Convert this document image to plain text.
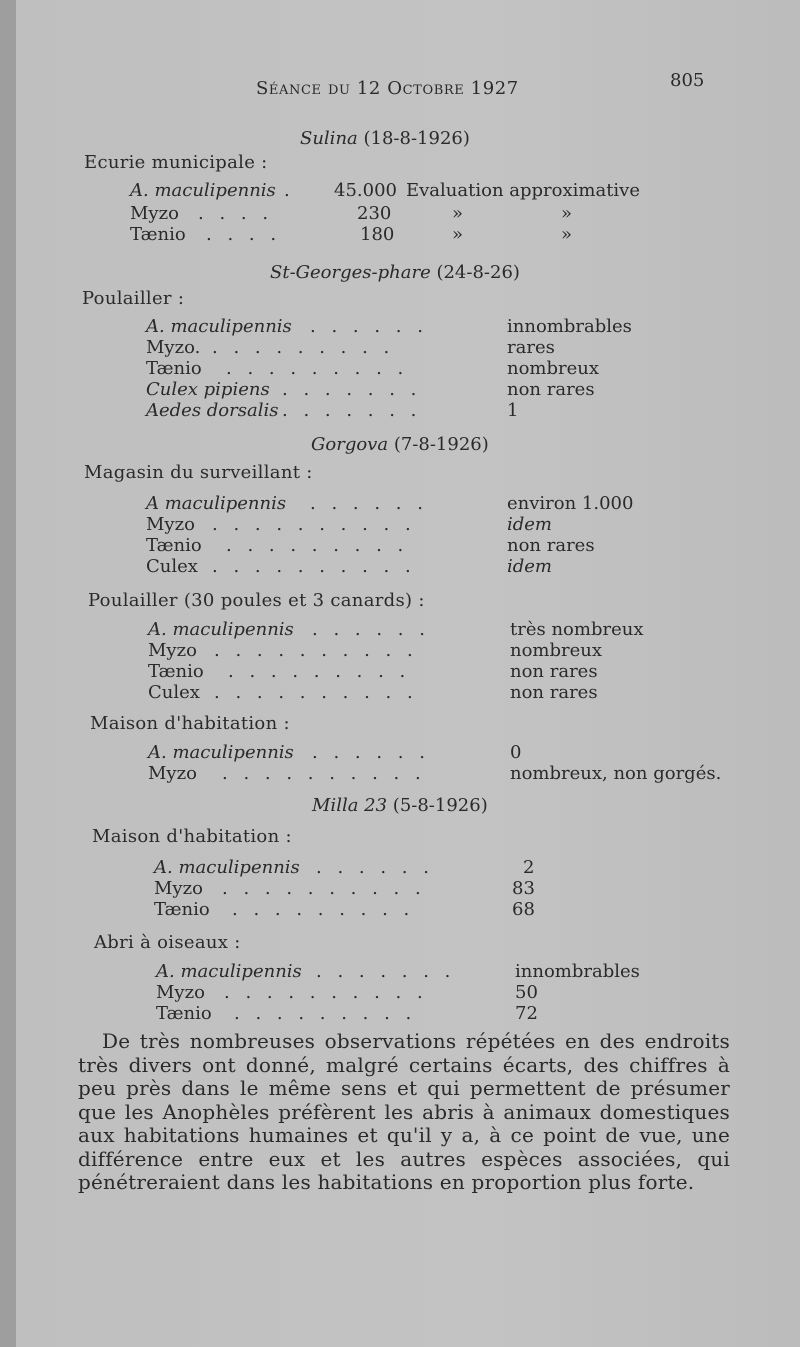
Séance du 12 Octobre 1927	805
Sulina (18-8-1926)
Ecurie municipale :
A. maculipennis . 45.000 Evaluation approximative
Myzo . . . .	230	»	»
Tænio . . . .	180	»	»
St-Georges-phare (24-8-26)
Poulailler :
A. maculipennis . . . . . .	innombrables
Myzo. . . . . . . . . .	rares
Tænio . . . . . . . . .	nombreux
Culex pipiens . . . . . . .	non rares
Aedes dorsalis . . . . . . .	1
Gorgova (7-8-1926)
Magasin du surveillant :
A maculipennis . . . . . .	environ 1.000
Myzo . . . . . . . . . .	idem
Tænio . . . . . . . . .	non rares
Culex . . . . . . . . . .	idem
Poulailler (30 poules et 3 canards) :
A. maculipennis . . . . . .	très nombreux
Myzo . . . . . . . . . .	nombreux
Tænio . . . . . . . . .	non rares
Culex . . . . . . . . . .	non rares
Maison d'habitation :
A. maculipennis . . . . . .	0
Myzo . . . . . . . . . .	nombreux, non gorgés.
Milla 23 (5-8-1926)
Maison d'habitation :
A. maculipennis . . . . . .	2
Myzo . . . . . . . . . .	83
Tænio . . . . . . . . .	68
Abri à oiseaux :
A. maculipennis . . . . . . .	innombrables
Myzo . . . . . . . . . .	50
Tænio . . . . . . . . .	72
De très nombreuses observations répétées en des endroits très divers ont donné, malgré certains écarts, des chiffres à peu près dans le même sens et qui permettent de présumer que les Anophèles préfèrent les abris à animaux domestiques aux habitations humaines et qu'il y a, à ce point de vue, une différence entre eux et les autres espèces associées, qui pénétreraient dans les habitations en proportion plus forte.
